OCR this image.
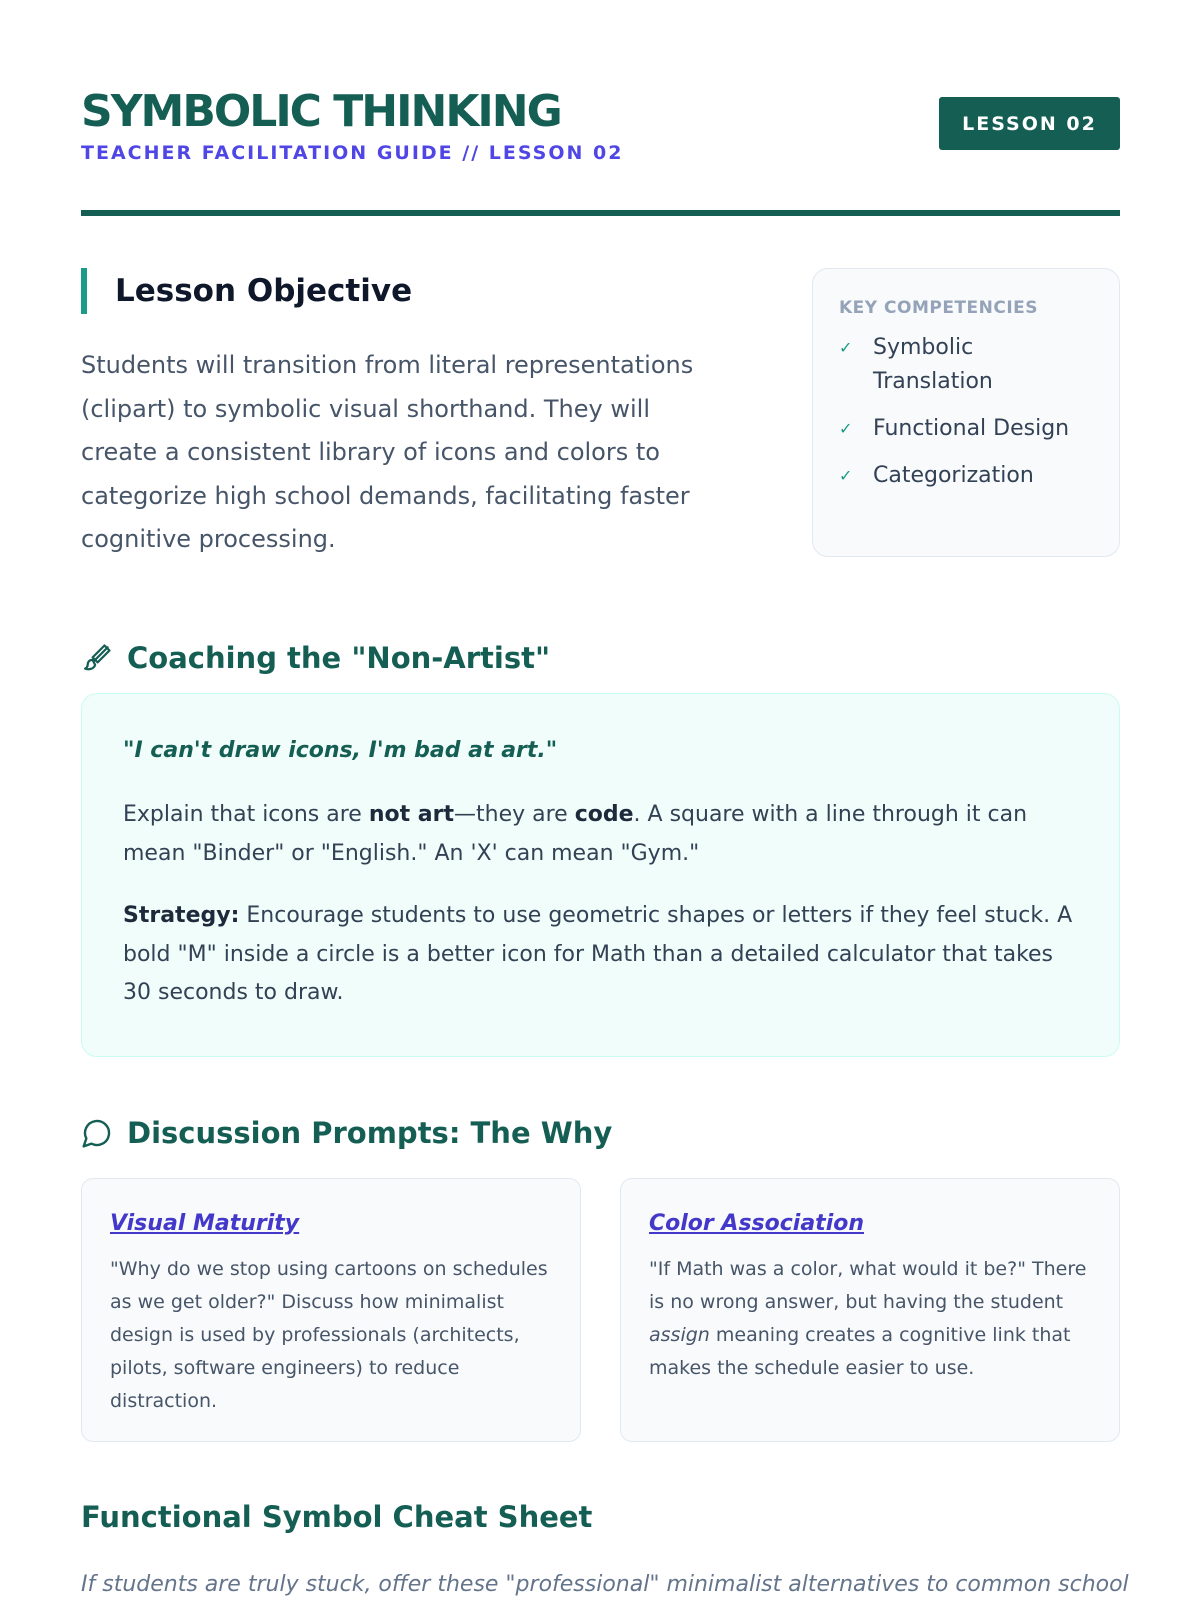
SYMBOLIC THINKING
TEACHER FACILITATION GUIDE // LESSON 02
LESSON 02
Lesson Objective

Students will transition from literal representations (clipart) to symbolic visual shorthand. They will create a consistent library of icons and colors to categorize high school demands, facilitating faster cognitive processing.

KEY COMPETENCIES
✓ Symbolic Translation
✓ Functional Design
✓ Categorization
Coaching the "Non-Artist"
"I can't draw icons, I'm bad at art."

Explain that icons are not art—they are code. A square with a line through it can mean "Binder" or "English." An 'X' can mean "Gym."

Strategy: Encourage students to use geometric shapes or letters if they feel stuck. A bold "M" inside a circle is a better icon for Math than a detailed calculator that takes 30 seconds to draw.

Discussion Prompts: The Why
Visual Maturity

"Why do we stop using cartoons on schedules as we get older?" Discuss how minimalist design is used by professionals (architects, pilots, software engineers) to reduce distraction.

Color Association

"If Math was a color, what would it be?" There is no wrong answer, but having the student assign meaning creates a cognitive link that makes the schedule easier to use.

Functional Symbol Cheat Sheet

If students are truly stuck, offer these "professional" minimalist alternatives to common school
